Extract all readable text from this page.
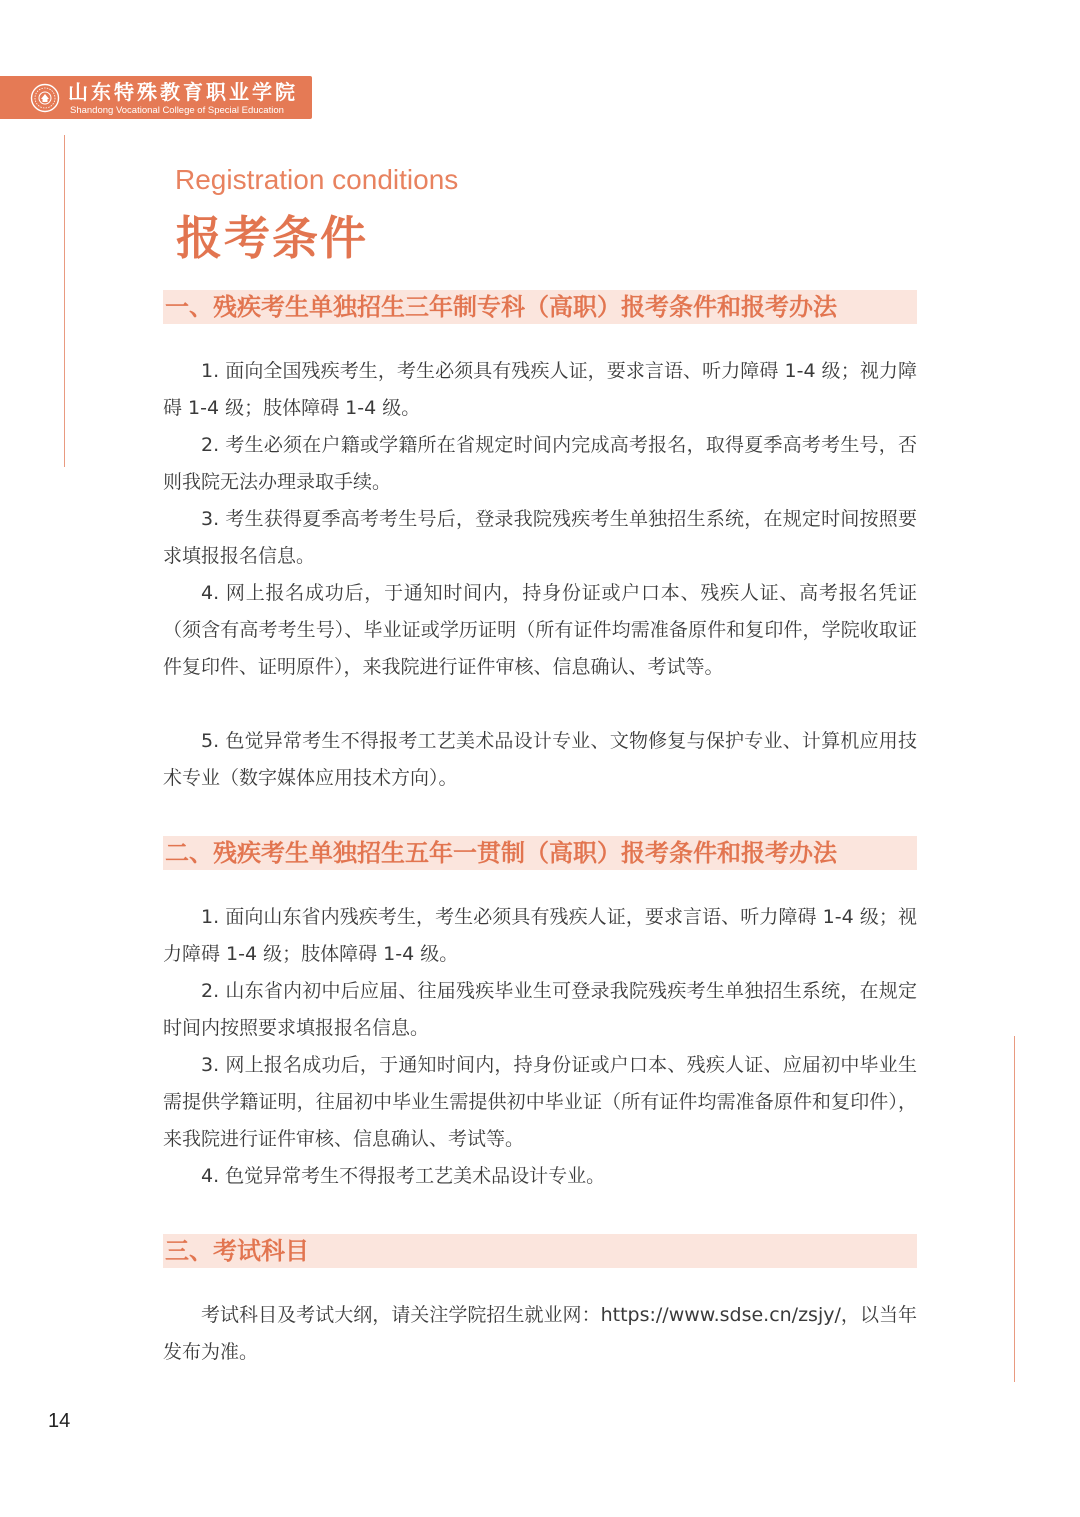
山东特殊教育职业学院
Shandong Vocational College of Special Education
Registration conditions
报考条件
一、残疾考生单独招生三年制专科（高职）报考条件和报考办法

1. 面向全国残疾考生，考生必须具有残疾人证，要求言语、听力障碍 1-4 级；视力障碍 1-4 级；肢体障碍 1-4 级。

2. 考生必须在户籍或学籍所在省规定时间内完成高考报名，取得夏季高考考生号，否则我院无法办理录取手续。

3. 考生获得夏季高考考生号后，登录我院残疾考生单独招生系统，在规定时间按照要求填报报名信息。

4. 网上报名成功后，于通知时间内，持身份证或户口本、残疾人证、高考报名凭证（须含有高考考生号）、毕业证或学历证明（所有证件均需准备原件和复印件，学院收取证件复印件、证明原件），来我院进行证件审核、信息确认、考试等。

5. 色觉异常考生不得报考工艺美术品设计专业、文物修复与保护专业、计算机应用技术专业（数字媒体应用技术方向）。

二、残疾考生单独招生五年一贯制（高职）报考条件和报考办法

1. 面向山东省内残疾考生，考生必须具有残疾人证，要求言语、听力障碍 1-4 级；视力障碍 1-4 级；肢体障碍 1-4 级。

2. 山东省内初中后应届、往届残疾毕业生可登录我院残疾考生单独招生系统，在规定时间内按照要求填报报名信息。

3. 网上报名成功后，于通知时间内，持身份证或户口本、残疾人证、应届初中毕业生需提供学籍证明，往届初中毕业生需提供初中毕业证（所有证件均需准备原件和复印件），来我院进行证件审核、信息确认、考试等。

4. 色觉异常考生不得报考工艺美术品设计专业。

三、考试科目

考试科目及考试大纲，请关注学院招生就业网：https://www.sdse.cn/zsjy/，以当年发布为准。

14
